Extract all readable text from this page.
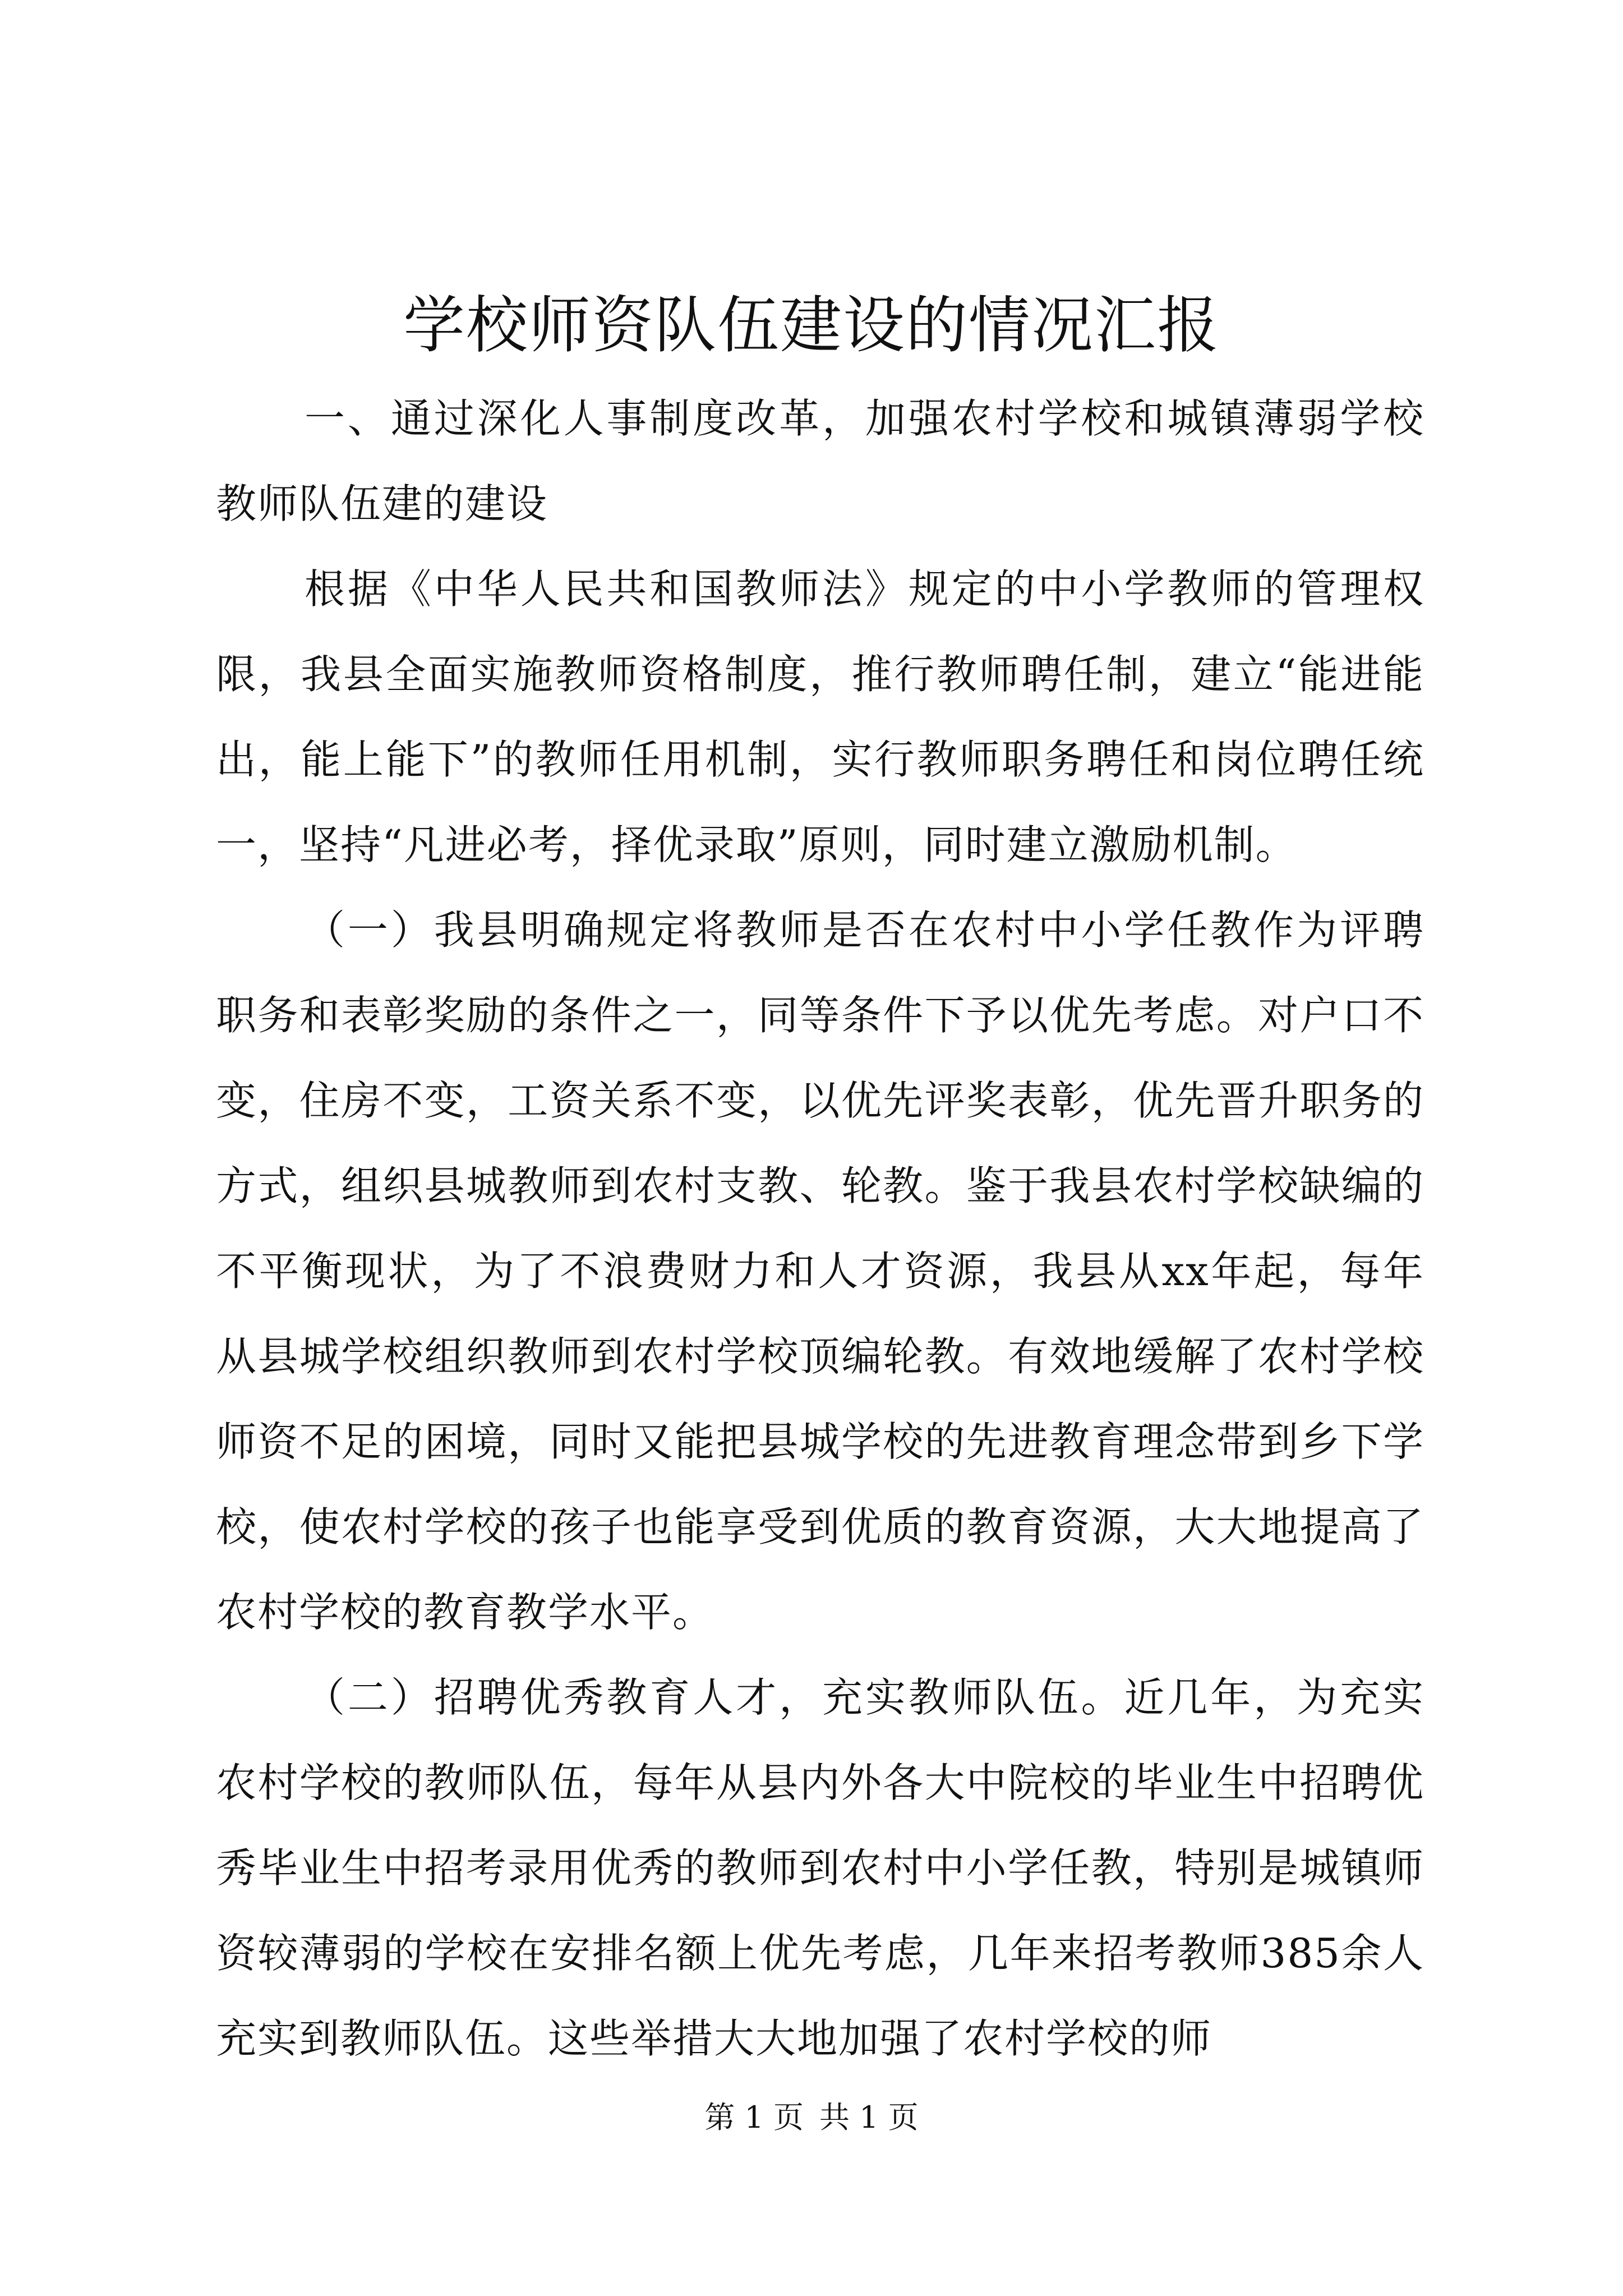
学校师资队伍建设的情况汇报

一、通过深化人事制度改革，加强农村学校和城镇薄弱学校教师队伍建的建设

根据《中华人民共和国教师法》规定的中小学教师的管理权限，我县全面实施教师资格制度，推行教师聘任制，建立“能进能出，能上能下”的教师任用机制，实行教师职务聘任和岗位聘任统一，坚持“凡进必考，择优录取”原则，同时建立激励机制。

（一）我县明确规定将教师是否在农村中小学任教作为评聘职务和表彰奖励的条件之一，同等条件下予以优先考虑。对户口不变，住房不变，工资关系不变，以优先评奖表彰，优先晋升职务的方式，组织县城教师到农村支教、轮教。鉴于我县农村学校缺编的不平衡现状，为了不浪费财力和人才资源，我县从xx年起，每年从县城学校组织教师到农村学校顶编轮教。有效地缓解了农村学校师资不足的困境，同时又能把县城学校的先进教育理念带到乡下学校，使农村学校的孩子也能享受到优质的教育资源，大大地提高了农村学校的教育教学水平。

（二）招聘优秀教育人才，充实教师队伍。近几年，为充实农村学校的教师队伍，每年从县内外各大中院校的毕业生中招聘优秀毕业生中招考录用优秀的教师到农村中小学任教，特别是城镇师资较薄弱的学校在安排名额上优先考虑，几年来招考教师385余人充实到教师队伍。这些举措大大地加强了农村学校的师

第 1 页 共 1 页
